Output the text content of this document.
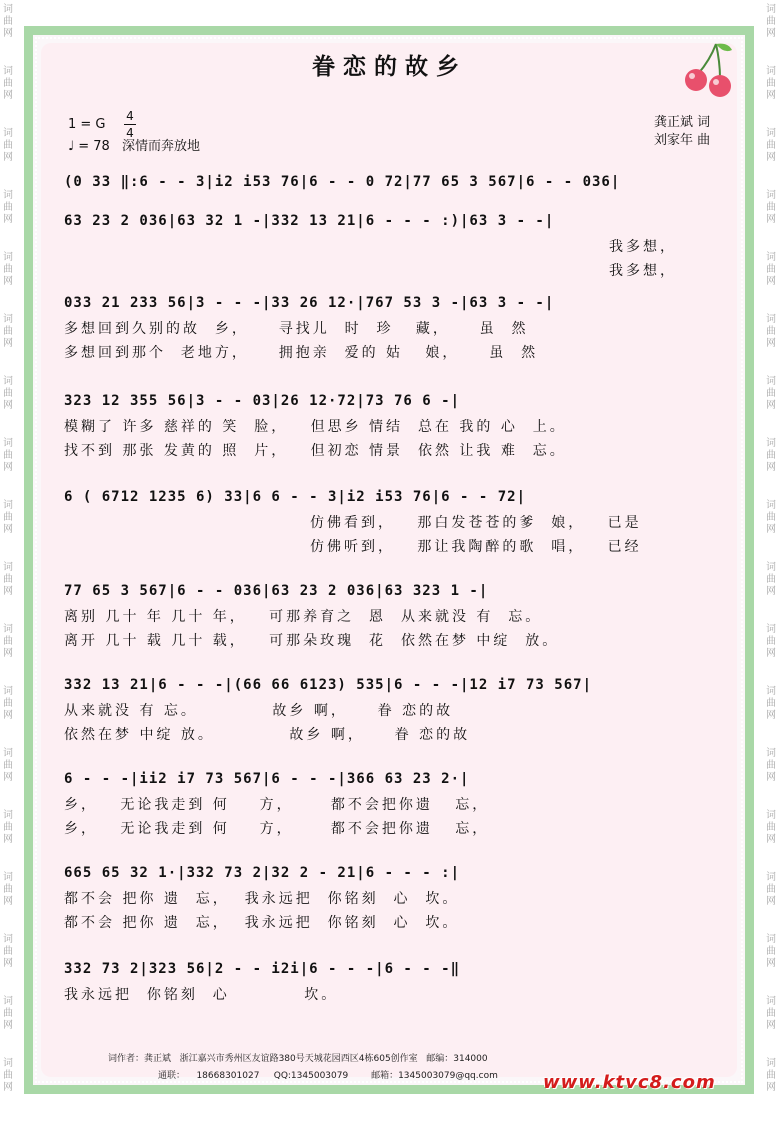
词
曲
网
词
曲
网
词
曲
网
词
曲
网
词
曲
网
词
曲
网
词
曲
网
词
曲
网
词
曲
网
词
曲
网
词
曲
网
词
曲
网
词
曲
网
词
曲
网
词
曲
网
词
曲
网
词
曲
网
词
曲
网
词
曲
网
词
曲
网
词
曲
网
词
曲
网
词
曲
网
词
曲
网
词
曲
网
词
曲
网
词
曲
网
词
曲
网
词
曲
网
词
曲
网
词
曲
网
词
曲
网
词
曲
网
词
曲
网
词
曲
网
词
曲
网
眷恋的故乡
1 = G
4
4
♩ = 78 深情而奔放地
龚正斌 词
刘家年 曲
(0 33 ‖:6 - - 3|i2 i53 76|6 - - 0 72|77 65 3 567|6 - - 036|
63 23 2 036|63 32 1 -|332 13 21|6 - - - :)|63 3 - -|
我多想，
我多想，
033 21 233 56|3 - - -|33 26 12·|767 53 3 -|63 3 - -|
多想回到久别的故  乡，    寻找儿  时  珍   藏，    虽  然
多想回到那个  老地方，    拥抱亲  爱的 姑   娘，    虽  然
323 12 355 56|3 - - 03|26 12·72|73 76 6 -|
模糊了 许多 慈祥的 笑  脸，   但思乡 情结  总在 我的 心  上。
找不到 那张 发黄的 照  片，   但初恋 情景  依然 让我 难  忘。
6 ( 6712 1235 6) 33|6 6 - - 3|i2 i53 76|6 - - 72|
仿佛看到，   那白发苍苍的爹  娘，   已是
仿佛听到，   那让我陶醉的歌  唱，   已经
77 65 3 567|6 - - 036|63 23 2 036|63 323 1 -|
离别 几十 年 几十 年，   可那养育之  恩  从来就没 有  忘。
离开 几十 载 几十 载，   可那朵玫瑰  花  依然在梦 中绽  放。
332 13 21|6 - - -|(66 66 6123) 535|6 - - -|12 i7 73 567|
从来就没 有 忘。          故乡 啊，    眷 恋的故
依然在梦 中绽 放。          故乡 啊，    眷 恋的故
6 - - -|ii2 i7 73 567|6 - - -|366 63 23 2·|
乡，   无论我走到 何    方，     都不会把你遗   忘，
乡，   无论我走到 何    方，     都不会把你遗   忘，
665 65 32 1·|332 73 2|32 2 - 21|6 - - - :|
都不会 把你 遗  忘，  我永远把  你铭刻  心  坎。
都不会 把你 遗  忘，  我永远把  你铭刻  心  坎。
332 73 2|323 56|2 - - i2i|6 - - -|6 - - -‖
我永远把  你铭刻  心          坎。
词作者：龚正斌   浙江嘉兴市秀州区友谊路380号天城花园西区4栋605创作室   邮编：314000
通联：    18668301027     QQ:1345003079        邮箱：1345003079@qq.com	www.ktvc8.com
